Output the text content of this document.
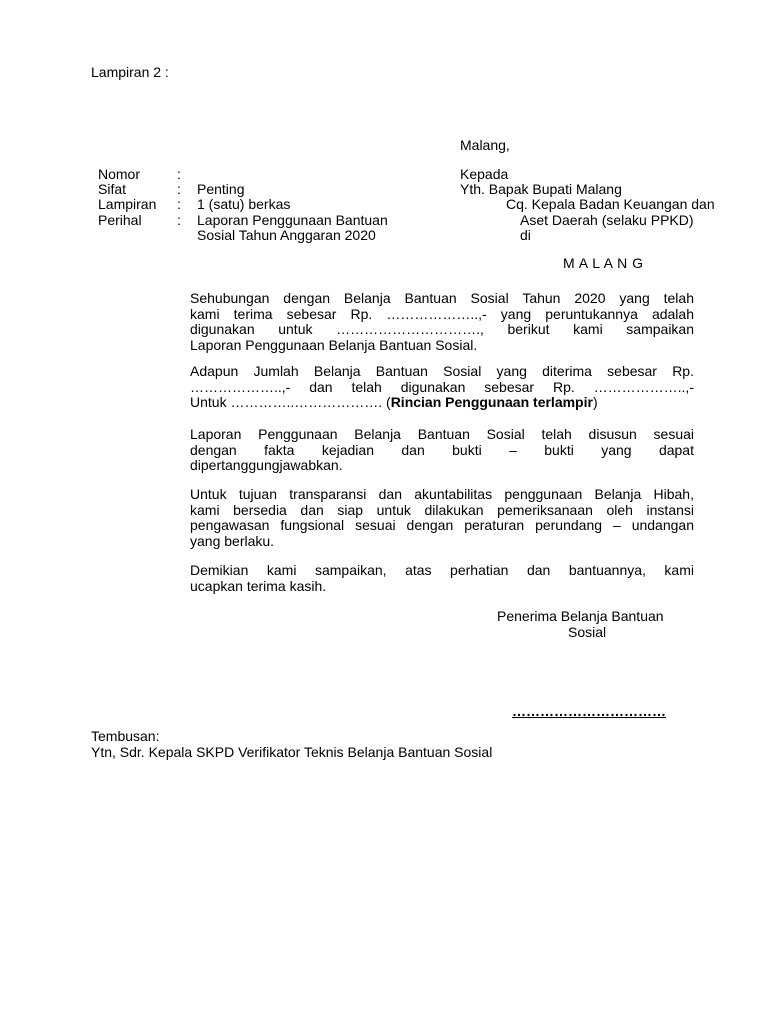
Lampiran 2 :
Malang,
Nomor	:
Sifat	: Penting
Lampiran : 1 (satu) berkas
Perihal	: Laporan Penggunaan Bantuan
Sosial Tahun Anggaran 2020
Kepada
Yth. Bapak Bupati Malang
Cq. Kepala Badan Keuangan dan
Aset Daerah (selaku PPKD)
di
M A L A N G
Sehubungan dengan Belanja Bantuan Sosial Tahun 2020 yang telah
kami terima sebesar Rp. ………………..,- yang peruntukannya adalah
digunakan untuk …………………………., berikut kami sampaikan
Laporan Penggunaan Belanja Bantuan Sosial.
Adapun Jumlah Belanja Bantuan Sosial yang diterima sebesar Rp.
………………..,- dan telah digunakan sebesar Rp. ………………..,-
Untuk …………..………………. (Rincian Penggunaan terlampir)
Laporan Penggunaan Belanja Bantuan Sosial telah disusun sesuai
dengan fakta kejadian dan bukti – bukti yang dapat
dipertanggungjawabkan.
Untuk tujuan transparansi dan akuntabilitas penggunaan Belanja Hibah,
kami bersedia dan siap untuk dilakukan pemeriksanaan oleh instansi
pengawasan fungsional sesuai dengan peraturan perundang – undangan
yang berlaku.
Demikian kami sampaikan, atas perhatian dan bantuannya, kami
ucapkan terima kasih.
Penerima Belanja Bantuan
Sosial
……………………………
Tembusan:
Ytn, Sdr. Kepala SKPD Verifikator Teknis Belanja Bantuan Sosial
